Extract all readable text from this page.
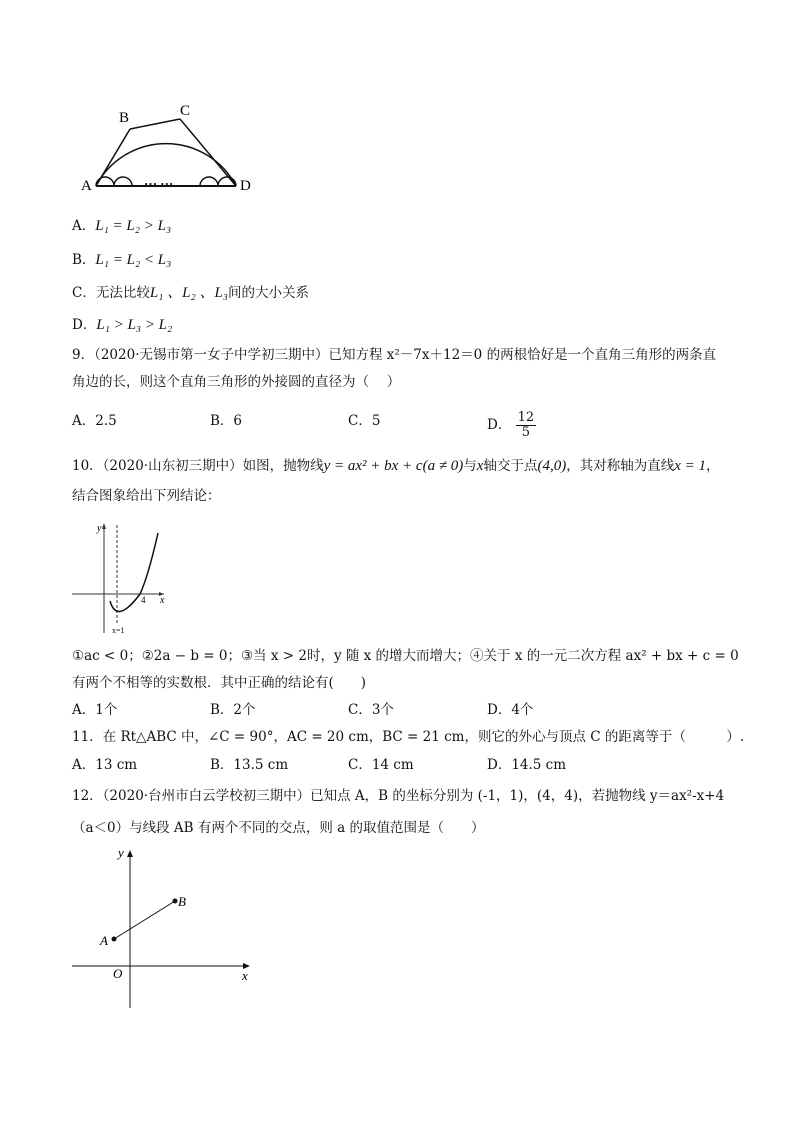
… …
A
B	C
D
A．L₁ = L₂ > L₃
B．L₁ = L₂ < L₃
C．无法比较L₁ 、L₂ 、L₃间的大小关系
D．L₁ > L₃ > L₂
9．（2020·无锡市第一女子中学初三期中）已知方程 x²－7x＋12＝0 的两根恰好是一个直角三角形的两条直
角边的长，则这个直角三角形的外接圆的直径为（　 ）
A．2.5	B．6	C．5	D． $\frac{12}{5}$
10．（2020·山东初三期中）如图，抛物线y = ax² + bx + c(a ≠ 0)与x轴交于点(4,0)，其对称轴为直线x = 1，
结合图象给出下列结论：
y
x
4
x=1
①ac < 0；②2a − b = 0；③当 x > 2时，y 随 x 的增大而增大；④关于 x 的一元二次方程 ax² + bx + c = 0
有两个不相等的实数根．其中正确的结论有(　　)
A．1个	B．2个	C．3个	D．4个
11．在 Rt△ABC 中，∠C = 90°，AC = 20 cm，BC = 21 cm，则它的外心与顶点 C 的距离等于（　　　）.
A．13 cm	B．13.5 cm	C．14 cm	D．14.5 cm
12．（2020·台州市白云学校初三期中）已知点 A，B 的坐标分别为 (-1，1)，(4，4)，若抛物线 y＝ax²-x+4
（a＜0）与线段 AB 有两个不同的交点，则 a 的取值范围是（　　）
y
x
O
A
B
